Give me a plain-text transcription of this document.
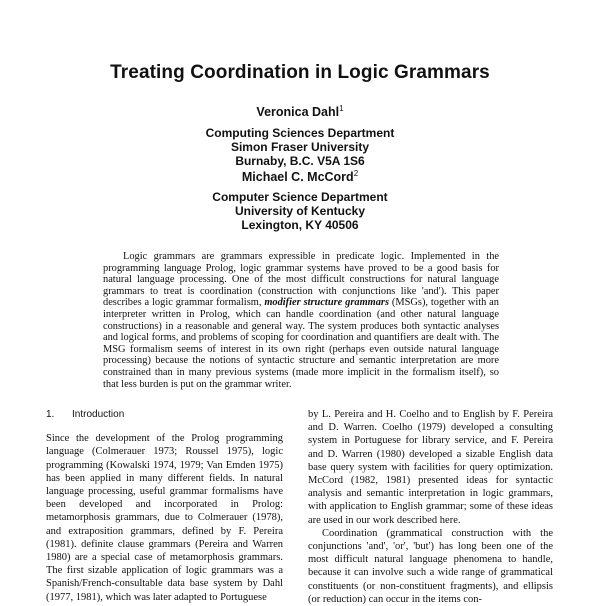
Treating Coordination in Logic Grammars
Veronica Dahl$^1$
Computing Sciences Department
Simon Fraser University
Burnaby, B.C. V5A 1S6
Michael C. McCord$^2$
Computer Science Department
University of Kentucky
Lexington, KY 40506
Logic grammars are grammars expressible in predicate logic. Implemented in the programming language Prolog, logic grammar systems have proved to be a good basis for natural language processing. One of the most difficult constructions for natural language grammars to treat is coordination (construction with conjunctions like 'and'). This paper describes a logic grammar formalism, modifier structure grammars (MSGs), together with an interpreter written in Prolog, which can handle coordination (and other natural language constructions) in a reasonable and general way. The system produces both syntactic analyses and logical forms, and problems of scoping for coordination and quantifiers are dealt with. The MSG formalism seems of interest in its own right (perhaps even outside natural language processing) because the notions of syntactic structure and semantic interpretation are more constrained than in many previous systems (made more implicit in the formalism itself), so that less burden is put on the grammar writer.
1. Introduction

Since the development of the Prolog programming language (Colmerauer 1973; Roussel 1975), logic programming (Kowalski 1974, 1979; Van Emden 1975) has been applied in many different fields. In natural language processing, useful grammar formalisms have been developed and incorporated in Prolog: metamorphosis grammars, due to Colmerauer (1978), and extraposition grammars, defined by F. Pereira (1981). definite clause grammars (Pereira and Warren 1980) are a special case of metamorphosis grammars. The first sizable application of logic grammars was a Spanish/French-consultable data base system by Dahl (1977, 1981), which was later adapted to Portuguese

by L. Pereira and H. Coelho and to English by F. Pereira and D. Warren. Coelho (1979) developed a consulting system in Portuguese for library service, and F. Pereira and D. Warren (1980) developed a sizable English data base query system with facilities for query optimization. McCord (1982, 1981) presented ideas for syntactic analysis and semantic interpretation in logic grammars, with application to English grammar; some of these ideas are used in our work described here.

Coordination (grammatical construction with the conjunctions 'and', 'or', 'but') has long been one of the most difficult natural language phenomena to handle, because it can involve such a wide range of grammatical constituents (or non-constituent fragments), and ellipsis (or reduction) can occur in the items con-
